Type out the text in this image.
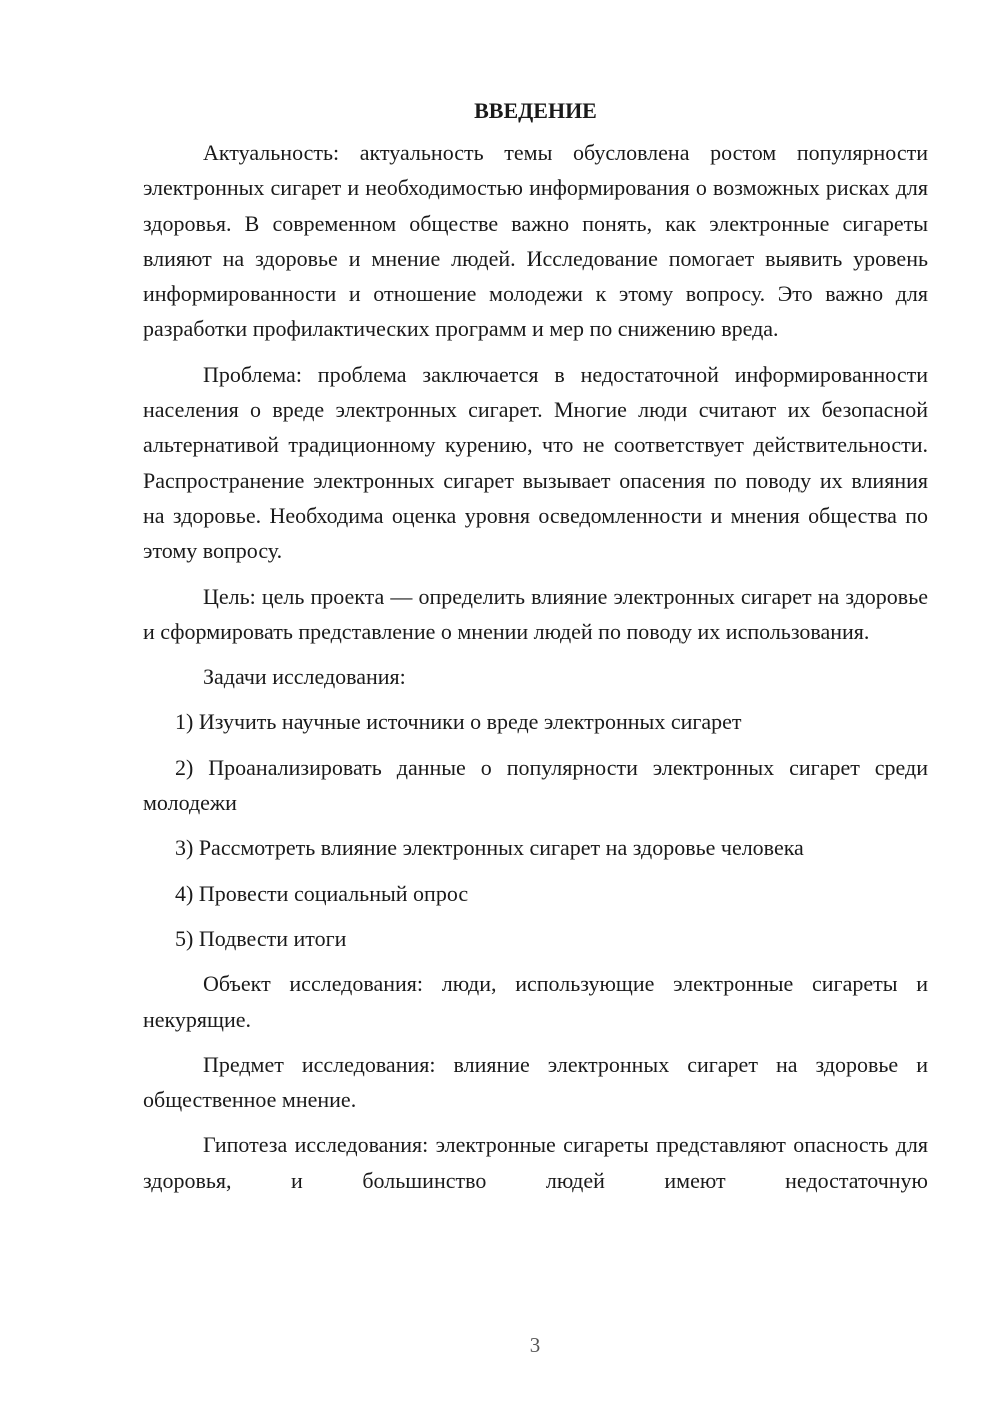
ВВЕДЕНИЕ

Актуальность: актуальность темы обусловлена ростом популярности электронных сигарет и необходимостью информирования о возможных рисках для здоровья. В современном обществе важно понять, как электронные сигареты влияют на здоровье и мнение людей. Исследование помогает выявить уровень информированности и отношение молодежи к этому вопросу. Это важно для разработки профилактических программ и мер по снижению вреда.

Проблема: проблема заключается в недостаточной информированности населения о вреде электронных сигарет. Многие люди считают их безопасной альтернативой традиционному курению, что не соответствует действительности. Распространение электронных сигарет вызывает опасения по поводу их влияния на здоровье. Необходима оценка уровня осведомленности и мнения общества по этому вопросу.

Цель: цель проекта — определить влияние электронных сигарет на здоровье и сформировать представление о мнении людей по поводу их использования.

Задачи исследования:

1) Изучить научные источники о вреде электронных сигарет

2) Проанализировать данные о популярности электронных сигарет среди молодежи

3) Рассмотреть влияние электронных сигарет на здоровье человека

4) Провести социальный опрос

5) Подвести итоги

Объект исследования: люди, использующие электронные сигареты и некурящие.

Предмет исследования: влияние электронных сигарет на здоровье и общественное мнение.

Гипотеза исследования: электронные сигареты представляют опасность для здоровья, и большинство людей имеют недостаточную

3
